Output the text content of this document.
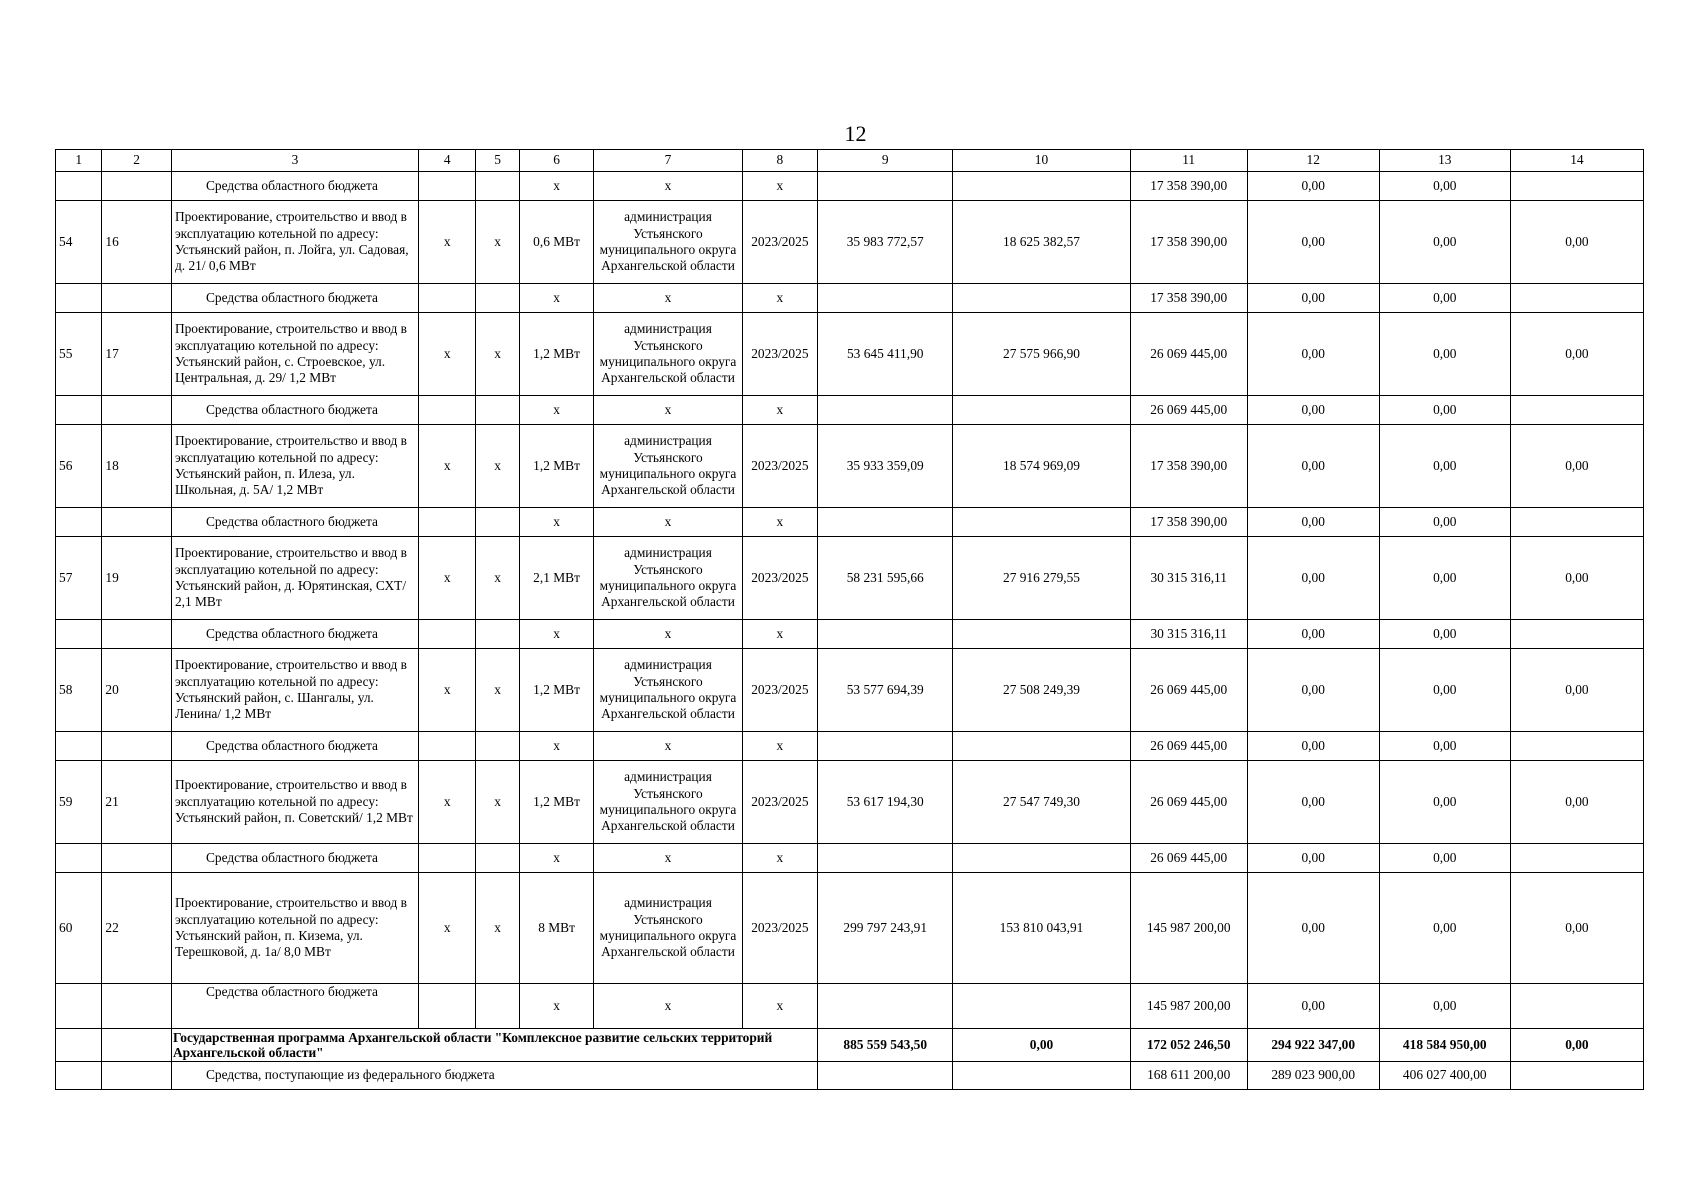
12
1	2	3	4	5	6	7	8	9	10	11	12	13	14
		Средства областного бюджета			х	х	х			17 358 390,00	0,00	0,00	
54	16	Проектирование, строительство и ввод в эксплуатацию котельной по адресу: Устьянский район, п. Лойга, ул. Садовая, д. 21/ 0,6 МВт	х	х	0,6 МВт	администрация Устьянского муниципального округа Архангельской области	2023/2025	35 983 772,57	18 625 382,57	17 358 390,00	0,00	0,00	0,00
		Средства областного бюджета			х	х	х			17 358 390,00	0,00	0,00	
55	17	Проектирование, строительство и ввод в эксплуатацию котельной по адресу: Устьянский район, с. Строевское, ул. Центральная, д. 29/ 1,2 МВт	х	х	1,2 МВт	администрация Устьянского муниципального округа Архангельской области	2023/2025	53 645 411,90	27 575 966,90	26 069 445,00	0,00	0,00	0,00
		Средства областного бюджета			х	х	х			26 069 445,00	0,00	0,00	
56	18	Проектирование, строительство и ввод в эксплуатацию котельной по адресу: Устьянский район, п. Илеза, ул. Школьная, д. 5А/ 1,2 МВт	х	х	1,2 МВт	администрация Устьянского муниципального округа Архангельской области	2023/2025	35 933 359,09	18 574 969,09	17 358 390,00	0,00	0,00	0,00
		Средства областного бюджета			х	х	х			17 358 390,00	0,00	0,00	
57	19	Проектирование, строительство и ввод в эксплуатацию котельной по адресу: Устьянский район, д. Юрятинская, СХТ/ 2,1 МВт	х	х	2,1 МВт	администрация Устьянского муниципального округа Архангельской области	2023/2025	58 231 595,66	27 916 279,55	30 315 316,11	0,00	0,00	0,00
		Средства областного бюджета			х	х	х			30 315 316,11	0,00	0,00	
58	20	Проектирование, строительство и ввод в эксплуатацию котельной по адресу: Устьянский район, с. Шангалы, ул. Ленина/ 1,2 МВт	х	х	1,2 МВт	администрация Устьянского муниципального округа Архангельской области	2023/2025	53 577 694,39	27 508 249,39	26 069 445,00	0,00	0,00	0,00
		Средства областного бюджета			х	х	х			26 069 445,00	0,00	0,00	
59	21	Проектирование, строительство и ввод в эксплуатацию котельной по адресу: Устьянский район, п. Советский/ 1,2 МВт	х	х	1,2 МВт	администрация Устьянского муниципального округа Архангельской области	2023/2025	53 617 194,30	27 547 749,30	26 069 445,00	0,00	0,00	0,00
		Средства областного бюджета			х	х	х			26 069 445,00	0,00	0,00	
60	22	Проектирование, строительство и ввод в эксплуатацию котельной по адресу: Устьянский район, п. Кизема, ул. Терешковой, д. 1а/ 8,0 МВт	х	х	8 МВт	администрация Устьянского муниципального округа Архангельской области	2023/2025	299 797 243,91	153 810 043,91	145 987 200,00	0,00	0,00	0,00
		Средства областного бюджета			х	х	х			145 987 200,00	0,00	0,00	
		Государственная программа Архангельской области "Комплексное развитие сельских территорий Архангельской области"						885 559 543,50	0,00	172 052 246,50	294 922 347,00	418 584 950,00	0,00
		Средства, поступающие из федерального бюджета								168 611 200,00	289 023 900,00	406 027 400,00	
